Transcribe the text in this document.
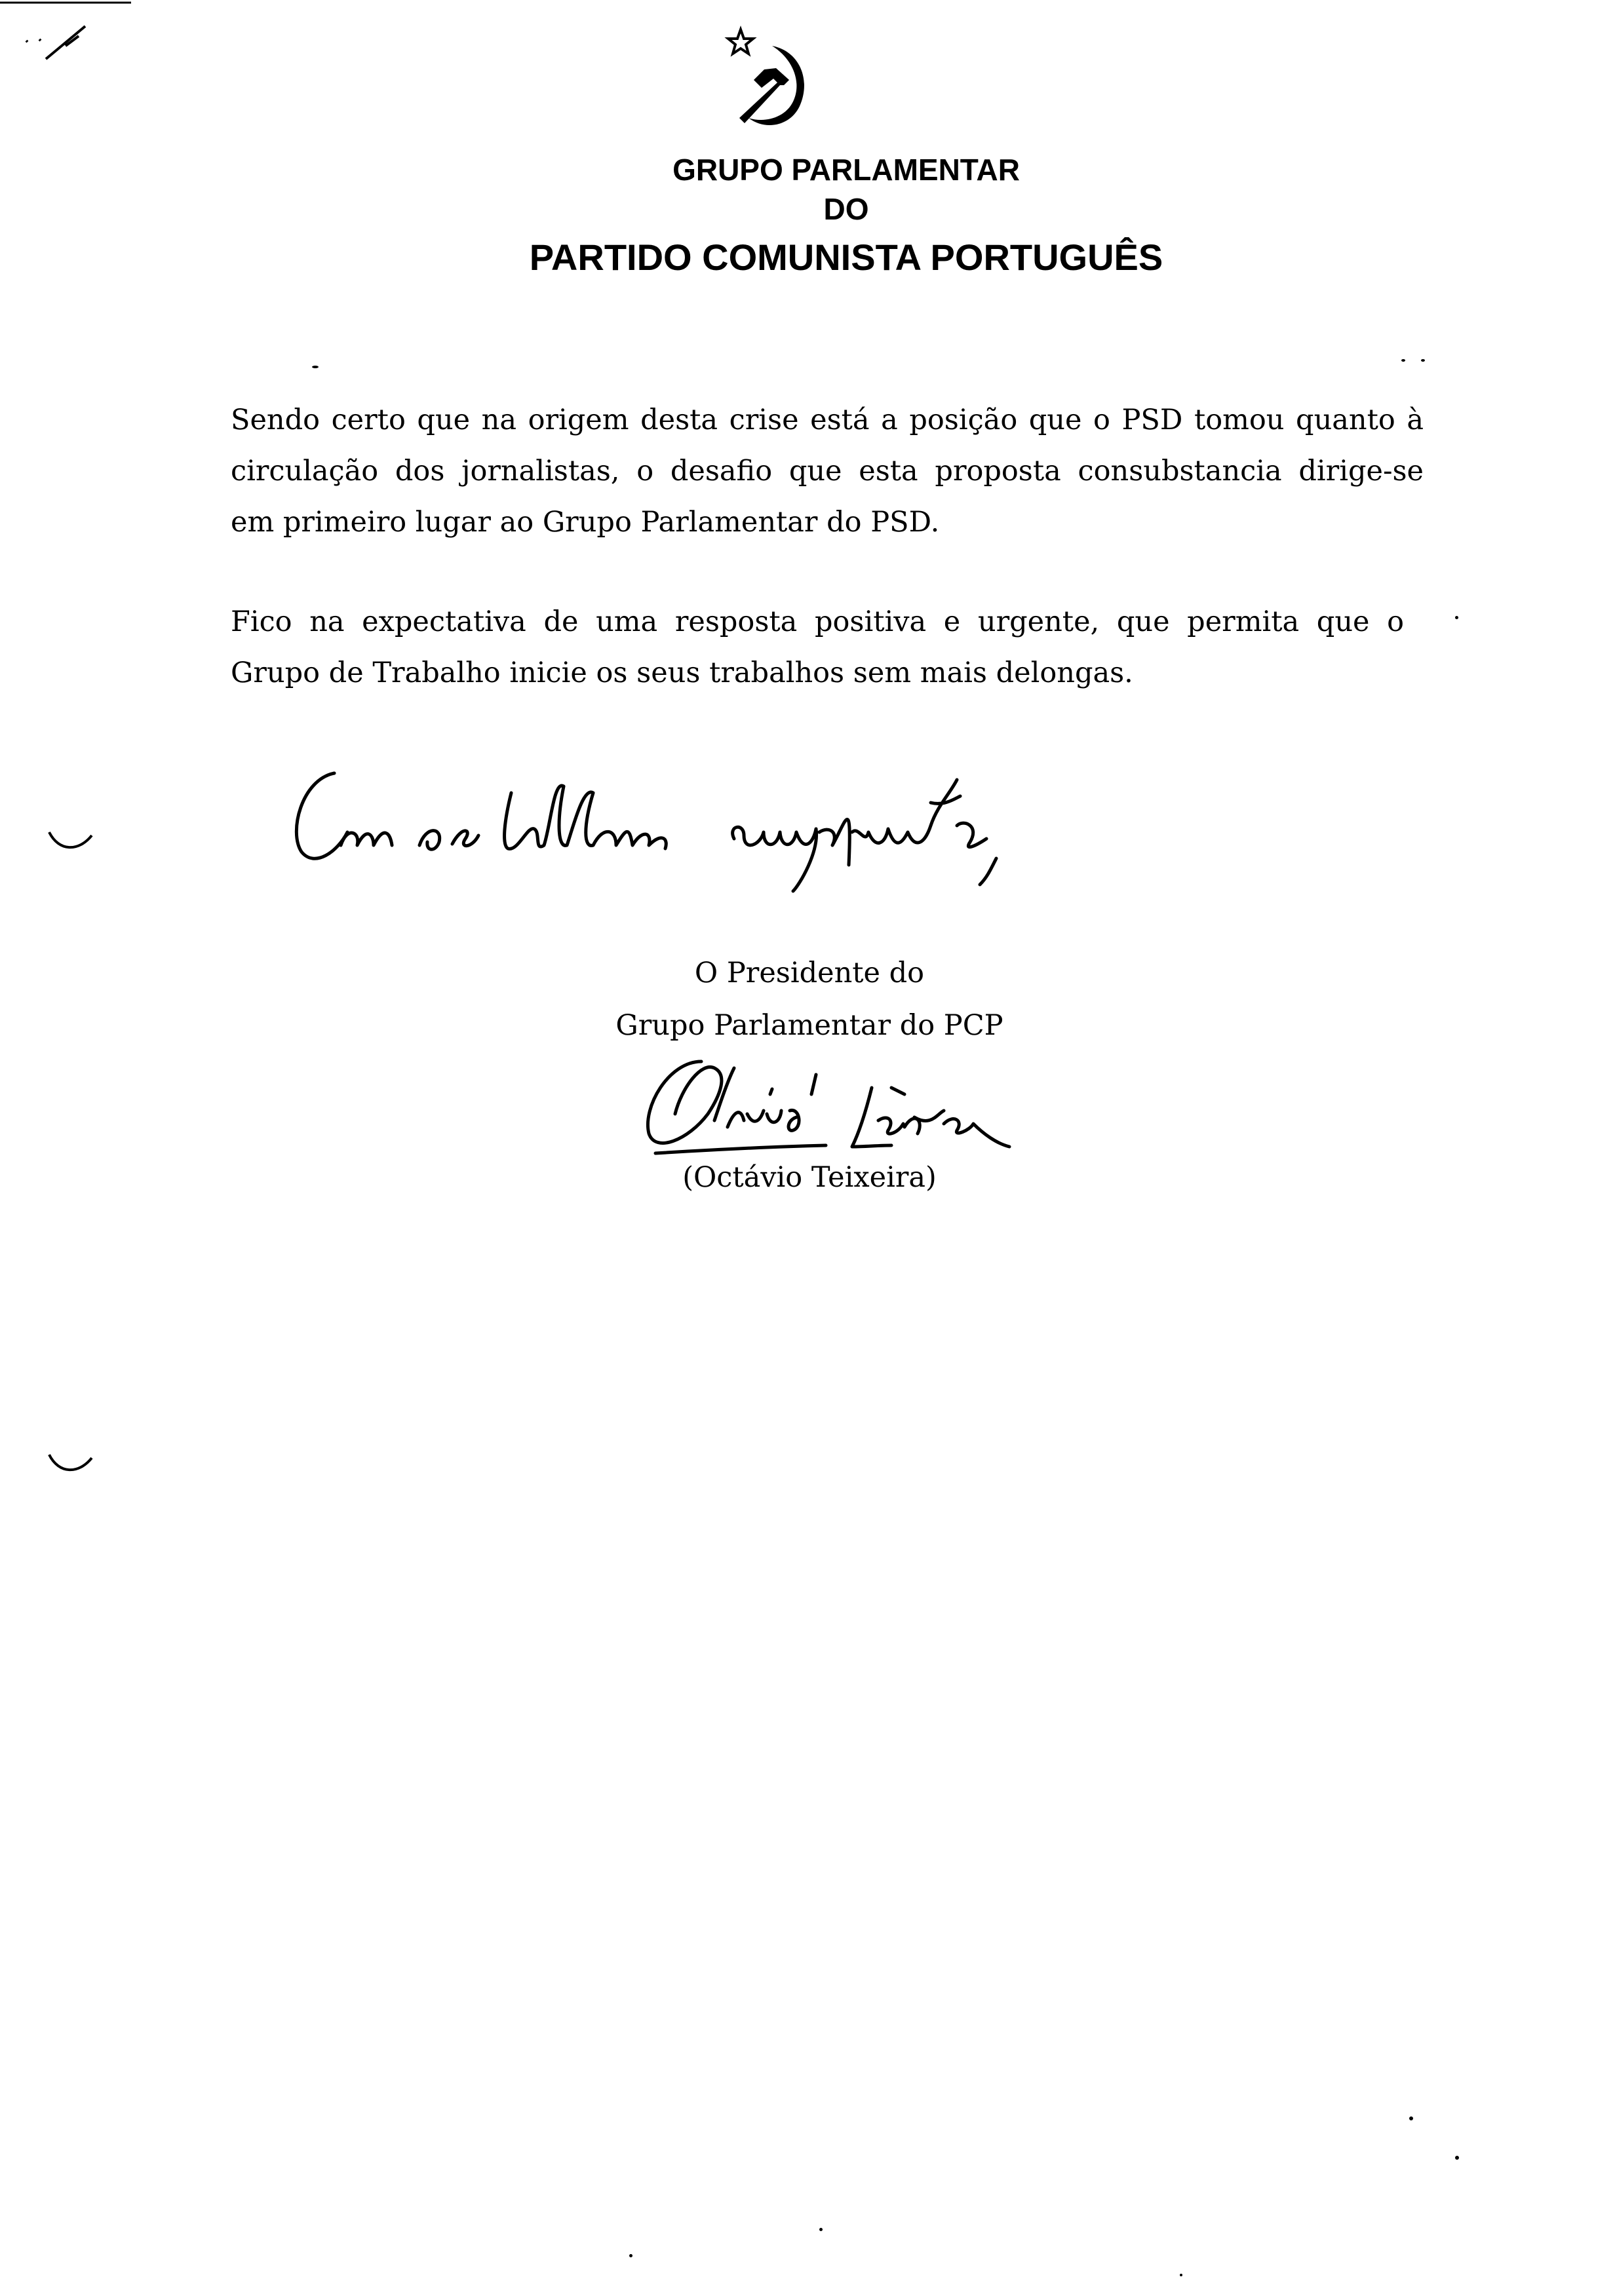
GRUPO PARLAMENTAR
DO
PARTIDO COMUNISTA PORTUGUÊS
Sendo certo que na origem desta crise está a posição que o PSD tomou quanto à
circulação dos jornalistas, o desafio que esta proposta consubstancia dirige-se
em primeiro lugar ao Grupo Parlamentar do PSD.
Fico na expectativa de uma resposta positiva e urgente, que permita que o
Grupo de Trabalho inicie os seus trabalhos sem mais delongas.
Com os melhores cumprimentos,
O Presidente do
Grupo Parlamentar do PCP
Octávio Teixeira
(Octávio Teixeira)
